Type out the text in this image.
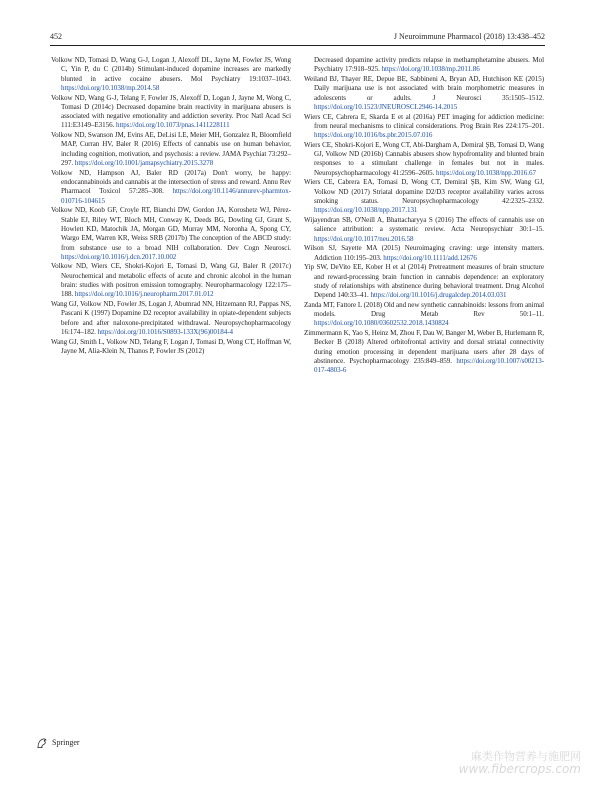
452	J Neuroimmune Pharmacol (2018) 13:438–452

Volkow ND, Tomasi D, Wang G-J, Logan J, Alexoff DL, Jayne M, Fowler JS, Wong C, Yin P, du C (2014b) Stimulant-induced dopamine increases are markedly blunted in active cocaine abusers. Mol Psychiatry 19:1037–1043. https://doi.org/10.1038/mp.2014.58

Volkow ND, Wang G-J, Telang F, Fowler JS, Alexoff D, Logan J, Jayne M, Wong C, Tomasi D (2014c) Decreased dopamine brain reactivity in marijuana abusers is associated with negative emotionality and addiction severity. Proc Natl Acad Sci 111:E3149–E3156. https://doi.org/10.1073/pnas.1411228111

Volkow ND, Swanson JM, Evins AE, DeLisi LE, Meier MH, Gonzalez R, Bloomfield MAP, Curran HV, Baler R (2016) Effects of cannabis use on human behavior, including cognition, motivation, and psychosis: a review. JAMA Psychiat 73:292–297. https://doi.org/10.1001/jamapsychiatry.2015.3278

Volkow ND, Hampson AJ, Baler RD (2017a) Don't worry, be happy: endocannabinoids and cannabis at the intersection of stress and reward. Annu Rev Pharmacol Toxicol 57:285–308. https://doi.org/10.1146/annurev-pharmtox-010716-104615

Volkow ND, Koob GF, Croyle RT, Bianchi DW, Gordon JA, Koroshetz WJ, Pérez-Stable EJ, Riley WT, Bloch MH, Conway K, Deeds BG, Dowling GJ, Grant S, Howlett KD, Matochik JA, Morgan GD, Murray MM, Noronha A, Spong CY, Wargo EM, Warren KR, Weiss SRB (2017b) The conception of the ABCD study: from substance use to a broad NIH collaboration. Dev Cogn Neurosci. https://doi.org/10.1016/j.dcn.2017.10.002

Volkow ND, Wiers CE, Shokri-Kojori E, Tomasi D, Wang GJ, Baler R (2017c) Neurochemical and metabolic effects of acute and chronic alcohol in the human brain: studies with positron emission tomography. Neuropharmacology 122:175–188. https://doi.org/10.1016/j.neuropharm.2017.01.012

Wang GJ, Volkow ND, Fowler JS, Logan J, Abumrad NN, Hitzemann RJ, Pappas NS, Pascani K (1997) Dopamine D2 receptor availability in opiate-dependent subjects before and after naloxone-precipitated withdrawal. Neuropsychopharmacology 16:174–182. https://doi.org/10.1016/S0893-133X(96)00184-4

Wang GJ, Smith L, Volkow ND, Telang F, Logan J, Tomasi D, Wong CT, Hoffman W, Jayne M, Alia-Klein N, Thanos P, Fowler JS (2012)

Decreased dopamine activity predicts relapse in methamphetamine abusers. Mol Psychiatry 17:918–925. https://doi.org/10.1038/mp.2011.86

Weiland BJ, Thayer RE, Depue BE, Sabbineni A, Bryan AD, Hutchison KE (2015) Daily marijuana use is not associated with brain morphometric measures in adolescents or adults. J Neurosci 35:1505–1512. https://doi.org/10.1523/JNEUROSCI.2946-14.2015

Wiers CE, Cabrera E, Skarda E et al (2016a) PET imaging for addiction medicine: from neural mechanisms to clinical considerations. Prog Brain Res 224:175–201. https://doi.org/10.1016/bs.pbr.2015.07.016

Wiers CE, Shokri-Kojori E, Wong CT, Abi-Dargham A, Demiral ŞB, Tomasi D, Wang GJ, Volkow ND (2016b) Cannabis abusers show hypofrontality and blunted brain responses to a stimulant challenge in females but not in males. Neuropsychopharmacology 41:2596–2605. https://doi.org/10.1038/npp.2016.67

Wiers CE, Cabrera EA, Tomasi D, Wong CT, Demiral ŞB, Kim SW, Wang GJ, Volkow ND (2017) Striatal dopamine D2/D3 receptor availability varies across smoking status. Neuropsychopharmacology 42:2325–2332. https://doi.org/10.1038/npp.2017.131

Wijayendran SB, O'Neill A, Bhattacharyya S (2016) The effects of cannabis use on salience attribution: a systematic review. Acta Neuropsychiatr 30:1–15. https://doi.org/10.1017/neu.2016.58

Wilson SJ, Sayette MA (2015) Neuroimaging craving: urge intensity matters. Addiction 110:195–203. https://doi.org/10.1111/add.12676

Yip SW, DeVito EE, Kober H et al (2014) Pretreatment measures of brain structure and reward-processing brain function in cannabis dependence: an exploratory study of relationships with abstinence during behavioral treatment. Drug Alcohol Depend 140:33–41. https://doi.org/10.1016/j.drugalcdep.2014.03.031

Zanda MT, Fattore L (2018) Old and new synthetic cannabinoids: lessons from animal models. Drug Metab Rev 50:1–11. https://doi.org/10.1080/03602532.2018.1430824

Zimmermann K, Yao S, Heinz M, Zhou F, Dau W, Banger M, Weber B, Hurlemann R, Becker B (2018) Altered orbitofrontal activity and dorsal striatal connectivity during emotion processing in dependent marijuana users after 28 days of abstinence. Psychopharmacology 235:849–859. https://doi.org/10.1007/s00213-017-4803-6

Springer
麻类作物营养与施肥网
www.fibercrops.com
